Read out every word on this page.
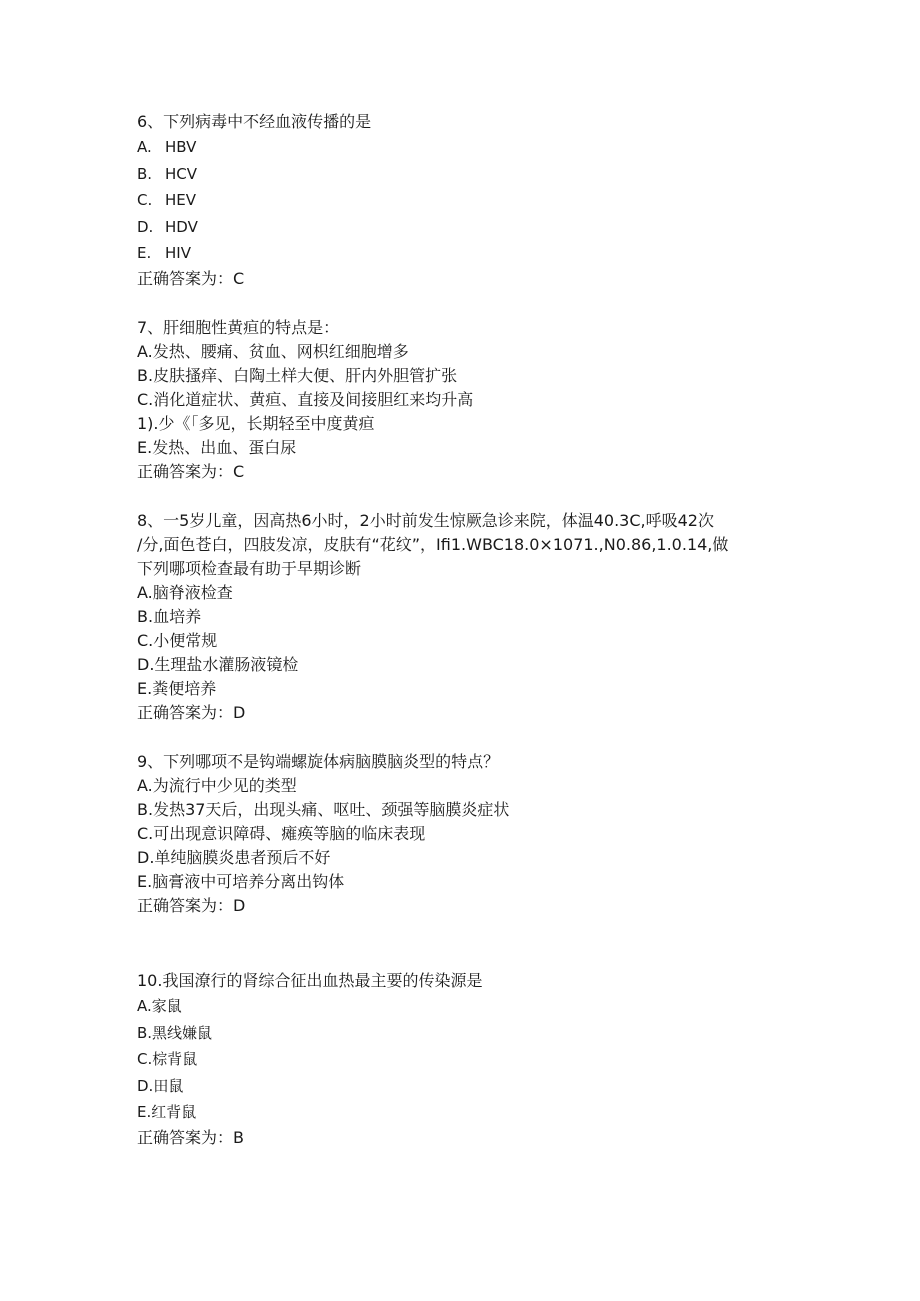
6、下列病毒中不经血液传播的是
A. HBV
B. HCV
C. HEV
D. HDV
E. HIV
正确答案为：C
7、肝细胞性黄疸的特点是：
A.发热、腰痛、贫血、网枳红细胞增多
B.皮肤搔痒、白陶土样大便、肝内外胆管扩张
C.消化道症状、黄疸、直接及间接胆红来均升高
1).少《「多见，长期轻至中度黄疸
E.发热、出血、蛋白尿
正确答案为：C
8、一5岁儿童，因高热6小时，2小时前发生惊厥急诊来院，体温40.3C,呼吸42次
/分,面色苍白，四肢发凉，皮肤有“花纹”，Ifi1.WBC18.0×1071.,N0.86,1.0.14,做
下列哪项检查最有助于早期诊断
A.脑脊液检查
B.血培养
C.小便常规
D.生理盐水灌肠液镜检
E.粪便培养
正确答案为：D
9、下列哪项不是钩端螺旋体病脑膜脑炎型的特点？
A.为流行中少见的类型
B.发热37天后，出现头痛、呕吐、颈强等脑膜炎症状
C.可出现意识障碍、瘫痪等脑的临床表现
D.单纯脑膜炎患者预后不好
E.脑膏液中可培养分离出钩体
正确答案为：D
10.我国潦行的肾综合征出血热最主要的传染源是
A.家鼠
B.黑线嫌鼠
C.棕背鼠
D.田鼠
E.红背鼠
正确答案为：B
